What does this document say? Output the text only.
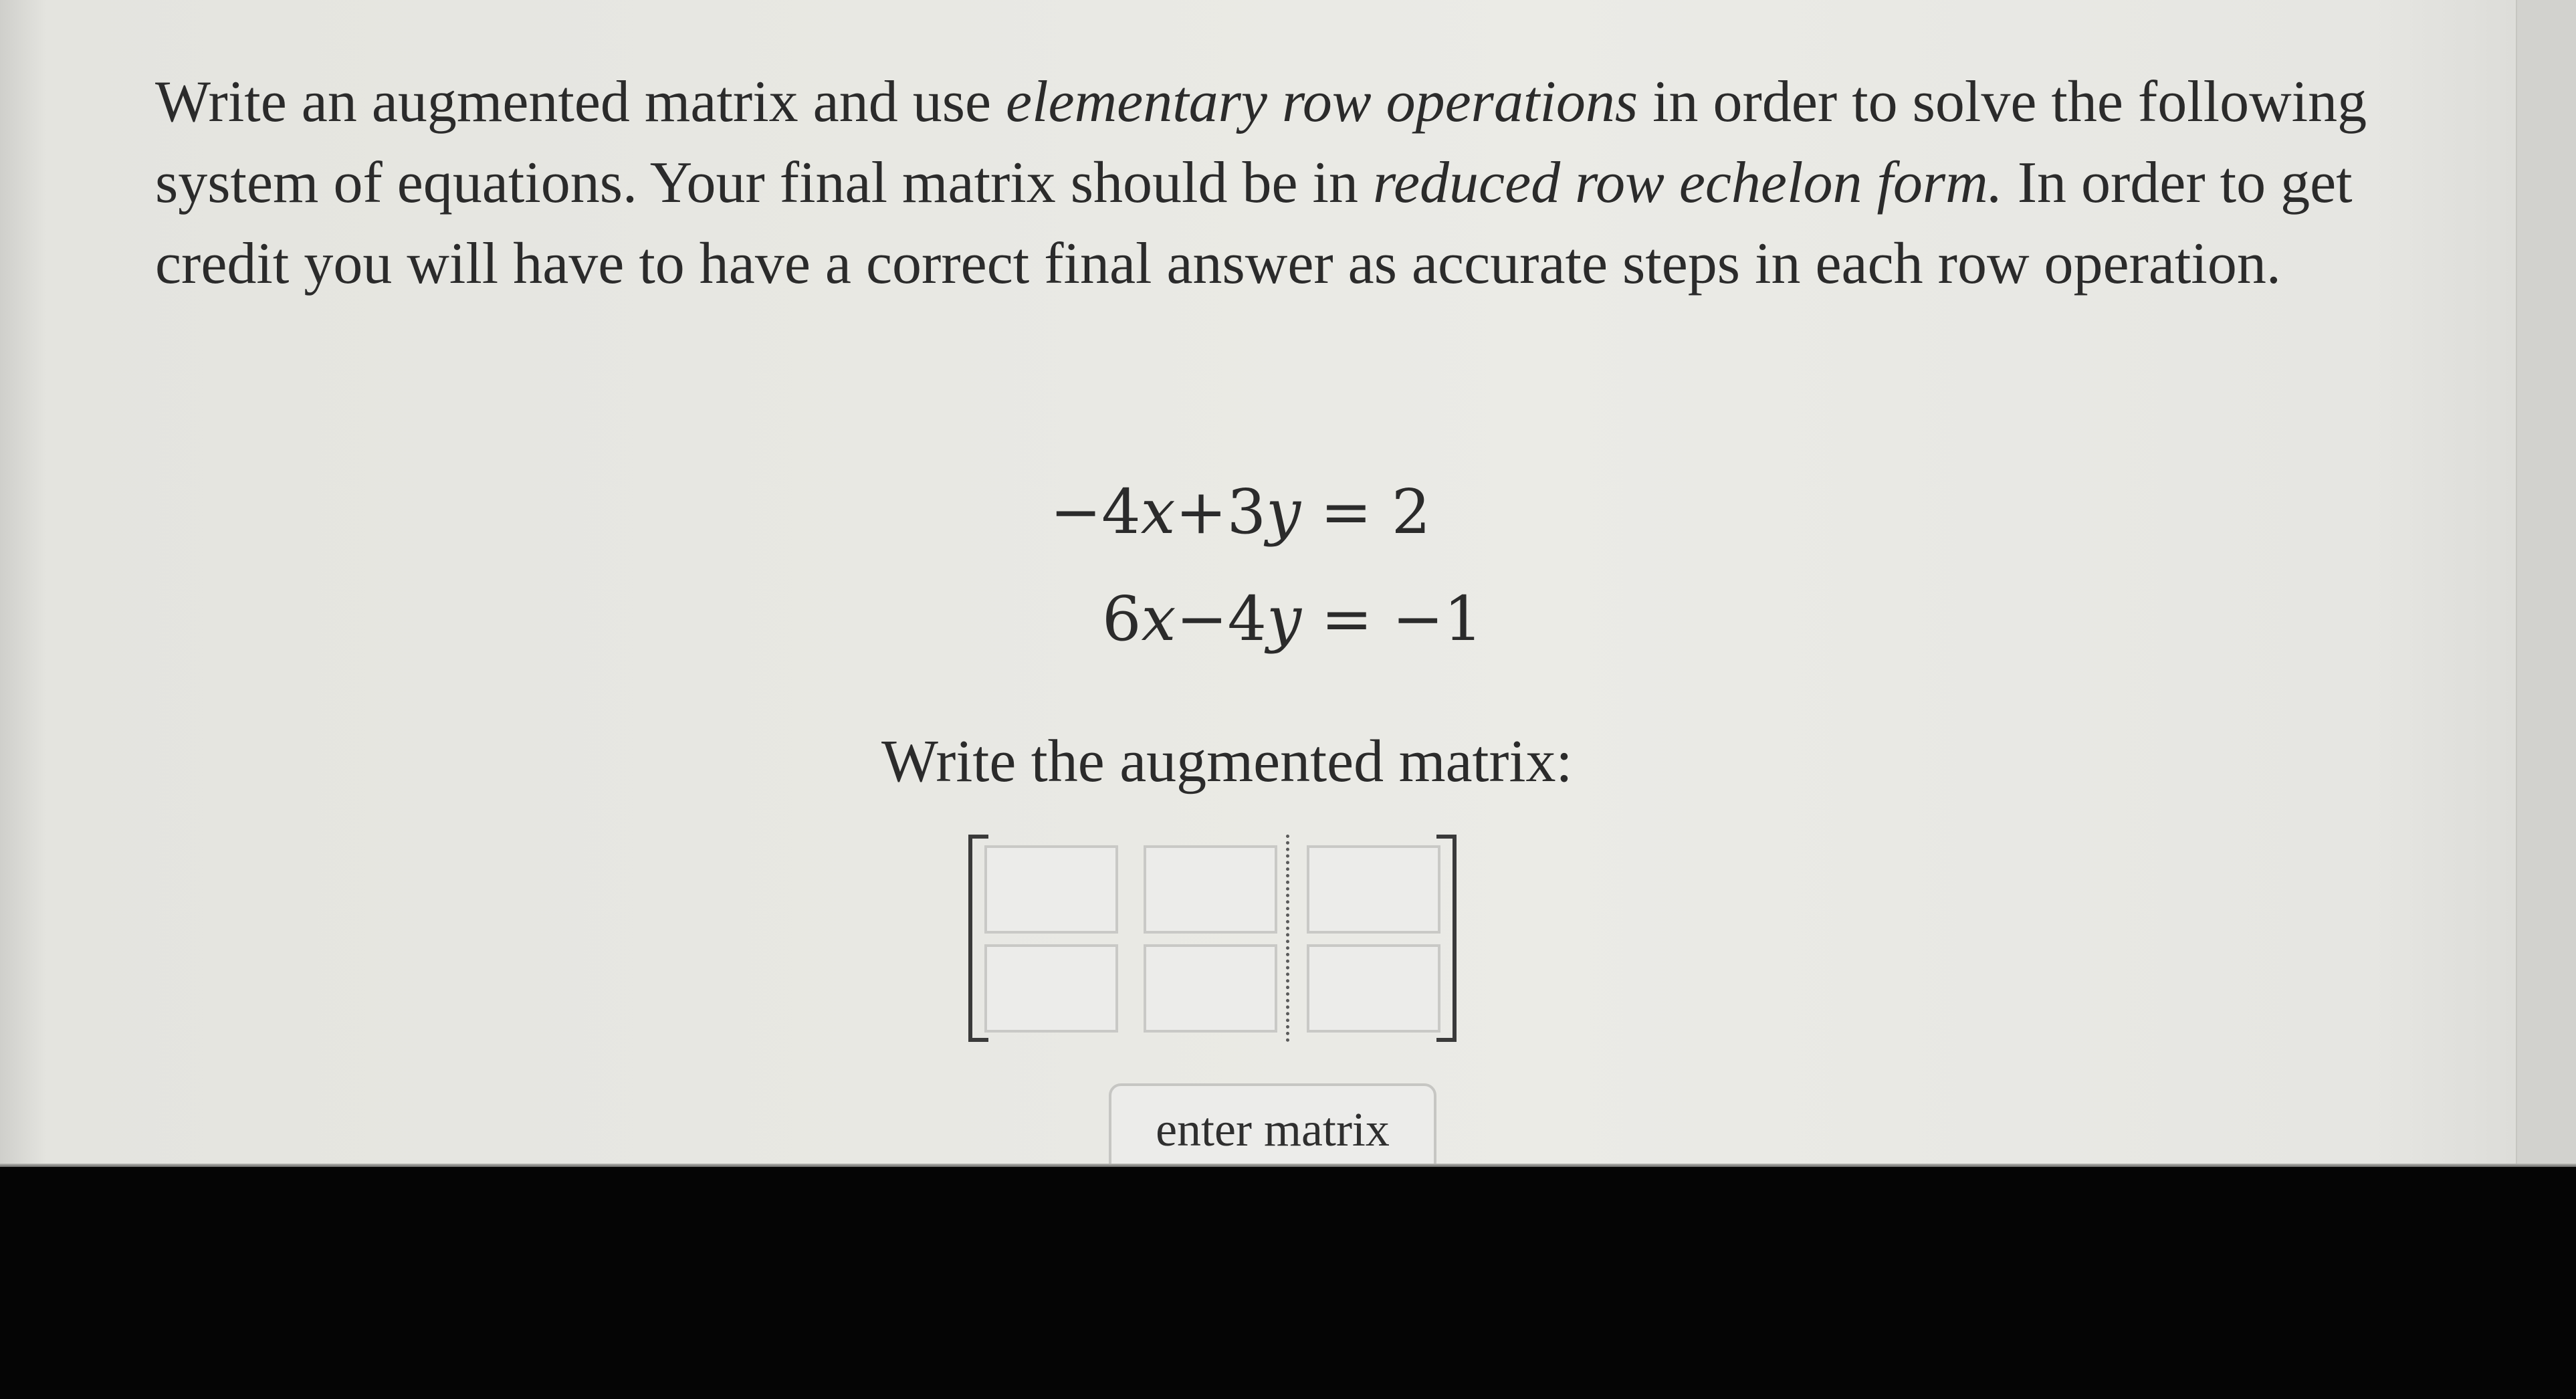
Write an augmented matrix and use elementary row operations in order to solve the following system of equations. Your final matrix should be in reduced row echelon form. In order to get credit you will have to have a correct final answer as accurate steps in each row operation.

−4x+3y = 2
6x−4y = −1
Write the augmented matrix:
enter matrix
